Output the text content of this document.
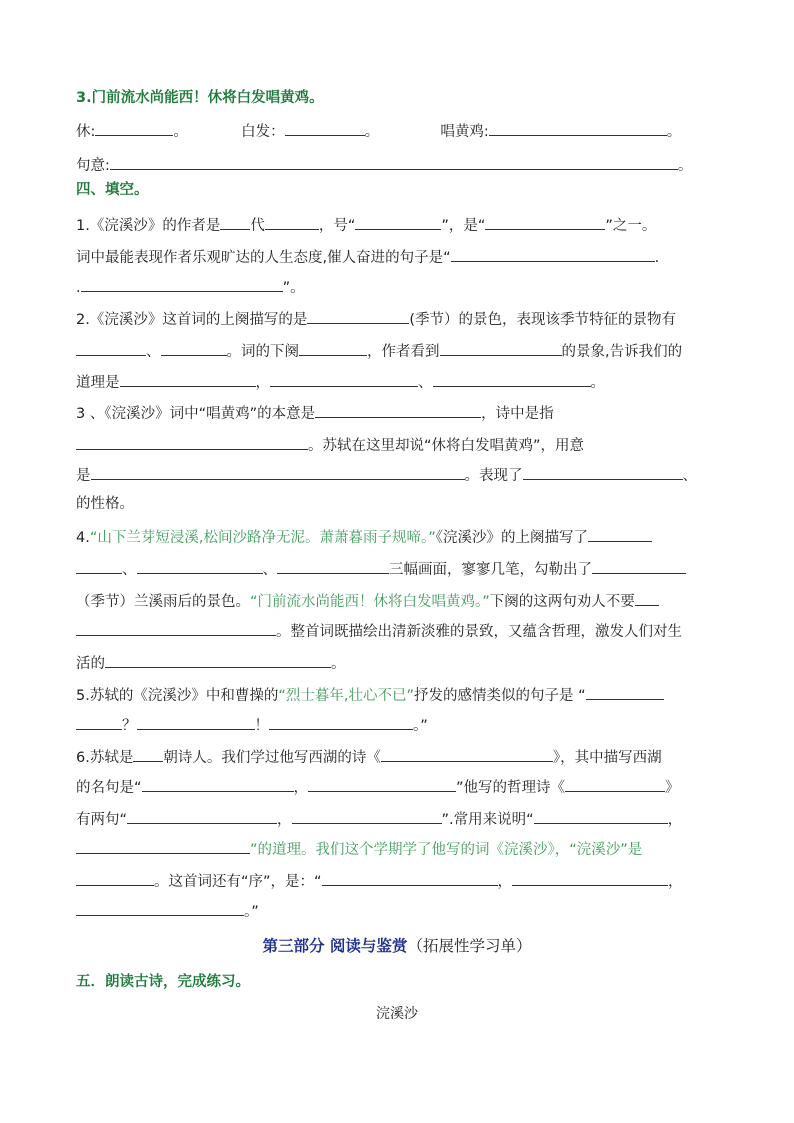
3.门前流水尚能西！休将白发唱黄鸡。
休:	。	白发：	。	唱黄鸡:	。
句意:	。
四、填空。
1.《浣溪沙》的作者是 代	，号“	”，是“	”之一。
词中最能表现作者乐观旷达的人生态度,催人奋进的句子是“	.
.	”。
2.《浣溪沙》这首词的上阕描写的是	(季节）的景色，表现该季节特征的景物有
、	。词的下阕	，作者看到	的景象,告诉我们的
道理是	，	、	。
3 、《浣溪沙》词中“唱黄鸡”的本意是	，诗中是指
。苏轼在这里却说“休将白发唱黄鸡”，用意
是	。表现了	、
的性格。
4.“山下兰芽短浸溪,松间沙路净无泥。萧萧暮雨子规啼。”《浣溪沙》的上阕描写了
、	、	三幅画面，寥寥几笔，勾勒出了
（季节）兰溪雨后的景色。“门前流水尚能西！休将白发唱黄鸡。”下阕的这两句劝人不要
。整首词既描绘出清新淡雅的景致，又蕴含哲理，激发人们对生
活的	。
5.苏轼的《浣溪沙》中和曹操的“烈士暮年,壮心不已”抒发的感情类似的句子是 “
？	！	。”
6.苏轼是 朝诗人。我们学过他写西湖的诗《	》，其中描写西湖
的名句是“	，	”他写的哲理诗《	》
有两句“	，	”.常用来说明“	，
”的道理。我们这个学期学了他写的词《浣溪沙》，“浣溪沙”是
。这首词还有“序”，是：“	，	，
。”
第三部分 阅读与鉴赏（拓展性学习单）
五．朗读古诗，完成练习。
浣溪沙
